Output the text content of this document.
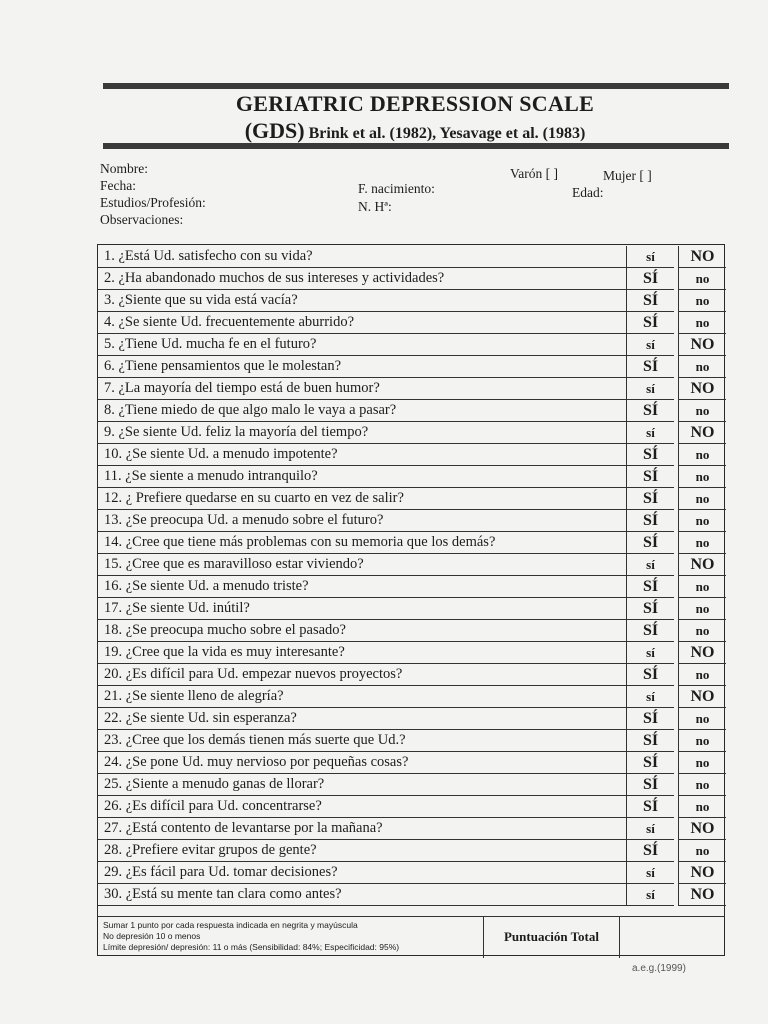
GERIATRIC DEPRESSION SCALE
(GDS) Brink et al. (1982), Yesavage et al. (1983)
Nombre:
Fecha:
Estudios/Profesión:
Observaciones:
F. nacimiento:
N. Hª:
Varón [ ]	Mujer [ ]
Edad:
1. ¿Está Ud. satisfecho con su vida?	sí	NO
2. ¿Ha abandonado muchos de sus intereses y actividades?	SÍ	no
3. ¿Siente que su vida está vacía?	SÍ	no
4. ¿Se siente Ud. frecuentemente aburrido?	SÍ	no
5. ¿Tiene Ud. mucha fe en el futuro?	sí	NO
6. ¿Tiene pensamientos que le molestan?	SÍ	no
7. ¿La mayoría del tiempo está de buen humor?	sí	NO
8. ¿Tiene miedo de que algo malo le vaya a pasar?	SÍ	no
9. ¿Se siente Ud. feliz la mayoría del tiempo?	sí	NO
10. ¿Se siente Ud. a menudo impotente?	SÍ	no
11. ¿Se siente a menudo intranquilo?	SÍ	no
12. ¿ Prefiere quedarse en su cuarto en vez de salir?	SÍ	no
13. ¿Se preocupa Ud. a menudo sobre el futuro?	SÍ	no
14. ¿Cree que tiene más problemas con su memoria que los demás?	SÍ	no
15. ¿Cree que es maravilloso estar viviendo?	sí	NO
16. ¿Se siente Ud. a menudo triste?	SÍ	no
17. ¿Se siente Ud. inútil?	SÍ	no
18. ¿Se preocupa mucho sobre el pasado?	SÍ	no
19. ¿Cree que la vida es muy interesante?	sí	NO
20. ¿Es difícil para Ud. empezar nuevos proyectos?	SÍ	no
21. ¿Se siente lleno de alegría?	sí	NO
22. ¿Se siente Ud. sin esperanza?	SÍ	no
23. ¿Cree que los demás tienen más suerte que Ud.?	SÍ	no
24. ¿Se pone Ud. muy nervioso por pequeñas cosas?	SÍ	no
25. ¿Siente a menudo ganas de llorar?	SÍ	no
26. ¿Es difícil para Ud. concentrarse?	SÍ	no
27. ¿Está contento de levantarse por la mañana?	sí	NO
28. ¿Prefiere evitar grupos de gente?	SÍ	no
29. ¿Es fácil para Ud. tomar decisiones?	sí	NO
30. ¿Está su mente tan clara como antes?	sí	NO
Sumar 1 punto por cada respuesta indicada en negrita y mayúscula
No depresión 10 o menos
Límite depresión/ depresión: 11 o más (Sensibilidad: 84%; Especificidad: 95%)
Puntuación Total
a.e.g.(1999)
